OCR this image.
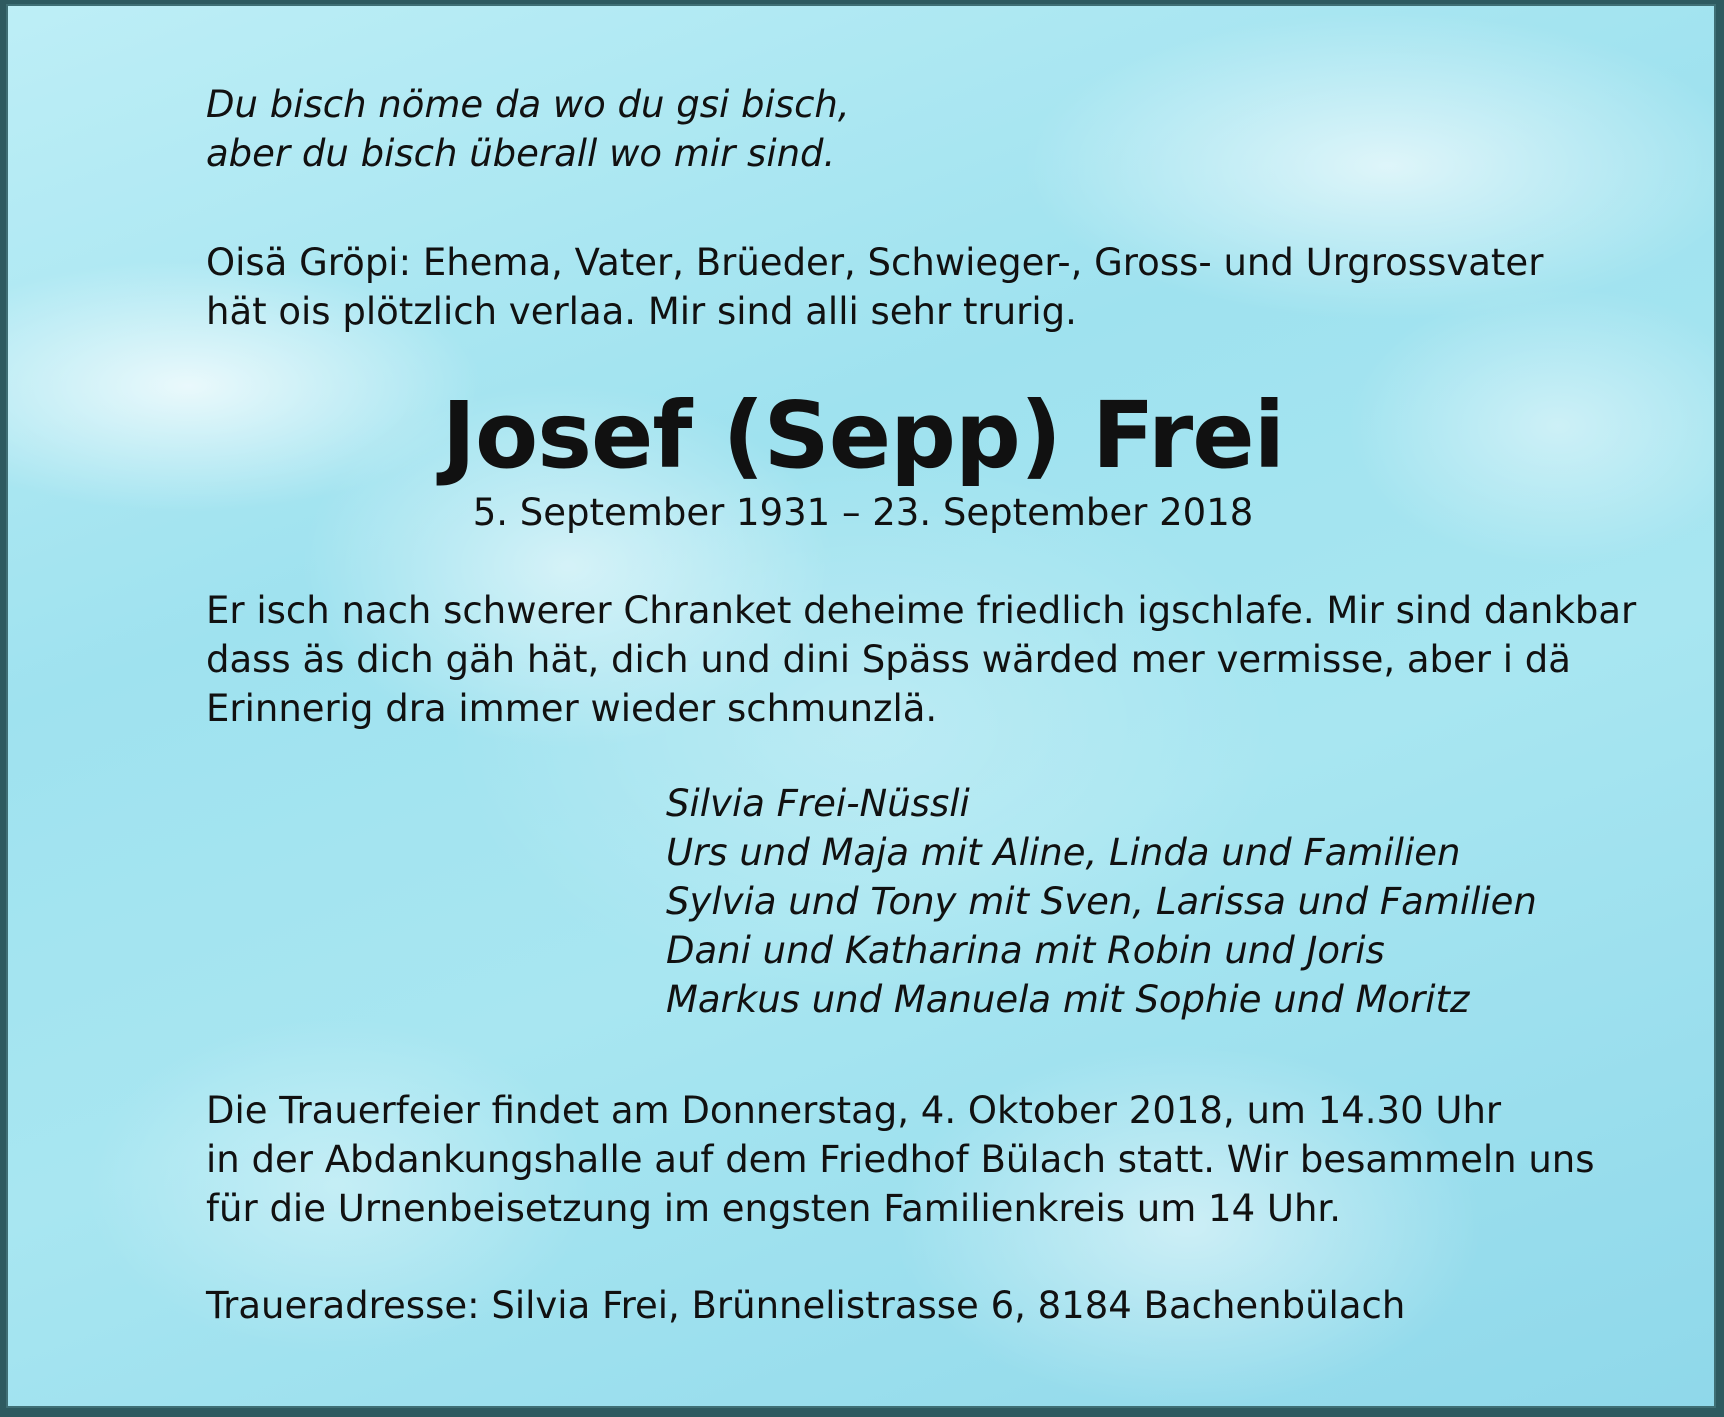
Du bisch nöme da wo du gsi bisch,
aber du bisch überall wo mir sind.

Oisä Gröpi: Ehema, Vater, Brüeder, Schwieger-, Gross- und Urgrossvater
hät ois plötzlich verlaa. Mir sind alli sehr trurig.

Josef (Sepp) Frei

5. September 1931 – 23. September 2018

Er isch nach schwerer Chranket deheime friedlich igschlafe. Mir sind dankbar
dass äs dich gäh hät, dich und dini Späss wärded mer vermisse, aber i dä
Erinnerig dra immer wieder schmunzlä.

Silvia Frei-Nüssli
Urs und Maja mit Aline, Linda und Familien
Sylvia und Tony mit Sven, Larissa und Familien
Dani und Katharina mit Robin und Joris
Markus und Manuela mit Sophie und Moritz

Die Trauerfeier findet am Donnerstag, 4. Oktober 2018, um 14.30 Uhr
in der Abdankungshalle auf dem Friedhof Bülach statt. Wir besammeln uns
für die Urnenbeisetzung im engsten Familienkreis um 14 Uhr.

Traueradresse: Silvia Frei, Brünnelistrasse 6, 8184 Bachenbülach
